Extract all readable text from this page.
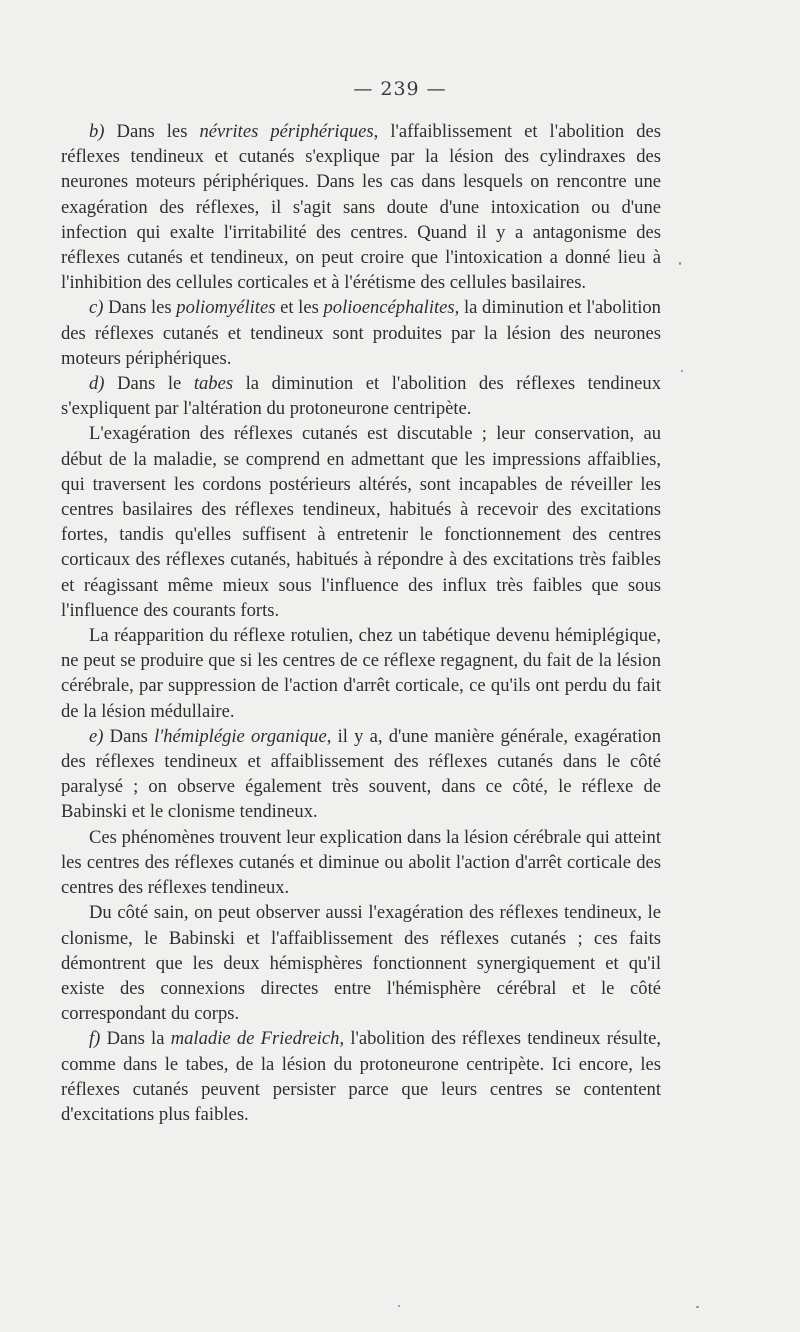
— 239 —

b) Dans les névrites périphériques, l'affaiblissement et l'abolition des réflexes tendineux et cutanés s'explique par la lésion des cylindraxes des neurones moteurs périphériques. Dans les cas dans lesquels on rencontre une exagération des réflexes, il s'agit sans doute d'une intoxication ou d'une infection qui exalte l'irritabilité des centres. Quand il y a antagonisme des réflexes cutanés et tendineux, on peut croire que l'intoxication a donné lieu à l'inhibition des cellules corticales et à l'érétisme des cellules basilaires.

c) Dans les poliomyélites et les polioencéphalites, la diminution et l'abolition des réflexes cutanés et tendineux sont produites par la lésion des neurones moteurs périphériques.

d) Dans le tabes la diminution et l'abolition des réflexes tendineux s'expliquent par l'altération du protoneurone centripète.

L'exagération des réflexes cutanés est discutable ; leur conservation, au début de la maladie, se comprend en admettant que les impressions affaiblies, qui traversent les cordons postérieurs altérés, sont incapables de réveiller les centres basilaires des réflexes tendineux, habitués à recevoir des excitations fortes, tandis qu'elles suffisent à entretenir le fonctionnement des centres corticaux des réflexes cutanés, habitués à répondre à des excitations très faibles et réagissant même mieux sous l'influence des influx très faibles que sous l'influence des courants forts.

La réapparition du réflexe rotulien, chez un tabétique devenu hémiplégique, ne peut se produire que si les centres de ce réflexe regagnent, du fait de la lésion cérébrale, par suppression de l'action d'arrêt corticale, ce qu'ils ont perdu du fait de la lésion médullaire.

e) Dans l'hémiplégie organique, il y a, d'une manière générale, exagération des réflexes tendineux et affaiblissement des réflexes cutanés dans le côté paralysé ; on observe également très souvent, dans ce côté, le réflexe de Babinski et le clonisme tendineux.

Ces phénomènes trouvent leur explication dans la lésion cérébrale qui atteint les centres des réflexes cutanés et diminue ou abolit l'action d'arrêt corticale des centres des réflexes tendineux.

Du côté sain, on peut observer aussi l'exagération des réflexes tendineux, le clonisme, le Babinski et l'affaiblissement des réflexes cutanés ; ces faits démontrent que les deux hémisphères fonctionnent synergiquement et qu'il existe des connexions directes entre l'hémisphère cérébral et le côté correspondant du corps.

f) Dans la maladie de Friedreich, l'abolition des réflexes tendineux résulte, comme dans le tabes, de la lésion du protoneurone centripète. Ici encore, les réflexes cutanés peuvent persister parce que leurs centres se contentent d'excitations plus faibles.
